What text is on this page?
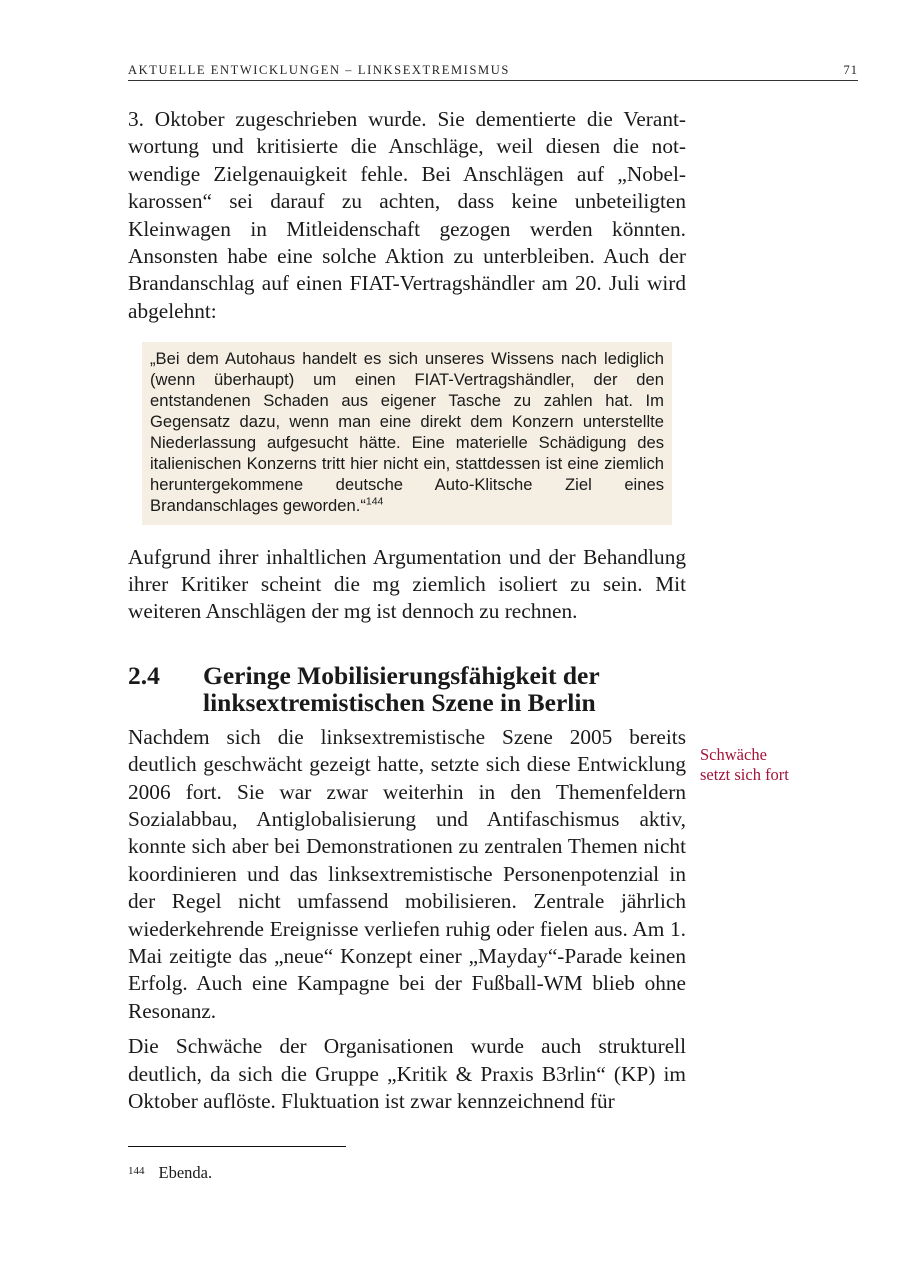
AKTUELLE ENTWICKLUNGEN – LINKSEXTREMISMUS	71

3. Oktober zugeschrieben wurde. Sie dementierte die Verantwortung und kritisierte die Anschläge, weil diesen die notwendige Zielgenauigkeit fehle. Bei Anschlägen auf „Nobelkarossen“ sei darauf zu achten, dass keine unbeteiligten Kleinwagen in Mitleidenschaft gezogen werden könnten. Ansonsten habe eine solche Aktion zu unterbleiben. Auch der Brandanschlag auf einen FIAT-Vertragshändler am 20. Juli wird abgelehnt:

„Bei dem Autohaus handelt es sich unseres Wissens nach lediglich (wenn überhaupt) um einen FIAT-Vertragshändler, der den entstandenen Schaden aus eigener Tasche zu zahlen hat. Im Gegensatz dazu, wenn man eine direkt dem Konzern unterstellte Niederlassung aufgesucht hätte. Eine materielle Schädigung des italienischen Konzerns tritt hier nicht ein, stattdessen ist eine ziemlich heruntergekommene deutsche Auto-Klitsche Ziel eines Brandanschlages geworden.“$^{144}$

Aufgrund ihrer inhaltlichen Argumentation und der Behandlung ihrer Kritiker scheint die mg ziemlich isoliert zu sein. Mit weiteren Anschlägen der mg ist dennoch zu rechnen.

2.4	Geringe Mobilisierungsfähigkeit der linksextremistischen Szene in Berlin

Nachdem sich die linksextremistische Szene 2005 bereits deutlich geschwächt gezeigt hatte, setzte sich diese Entwicklung 2006 fort. Sie war zwar weiterhin in den Themenfeldern Sozialabbau, Antiglobalisierung und Antifaschismus aktiv, konnte sich aber bei Demonstrationen zu zentralen Themen nicht koordinieren und das linksextremistische Personenpotenzial in der Regel nicht umfassend mobilisieren. Zentrale jährlich wiederkehrende Ereignisse verliefen ruhig oder fielen aus. Am 1. Mai zeitigte das „neue“ Konzept einer „Mayday“-Parade keinen Erfolg. Auch eine Kampagne bei der Fußball-WM blieb ohne Resonanz.

Die Schwäche der Organisationen wurde auch strukturell deutlich, da sich die Gruppe „Kritik & Praxis B3rlin“ (KP) im Oktober auflöste. Fluktuation ist zwar kennzeichnend für

Schwäche
setzt sich fort
$^{144}$ Ebenda.
